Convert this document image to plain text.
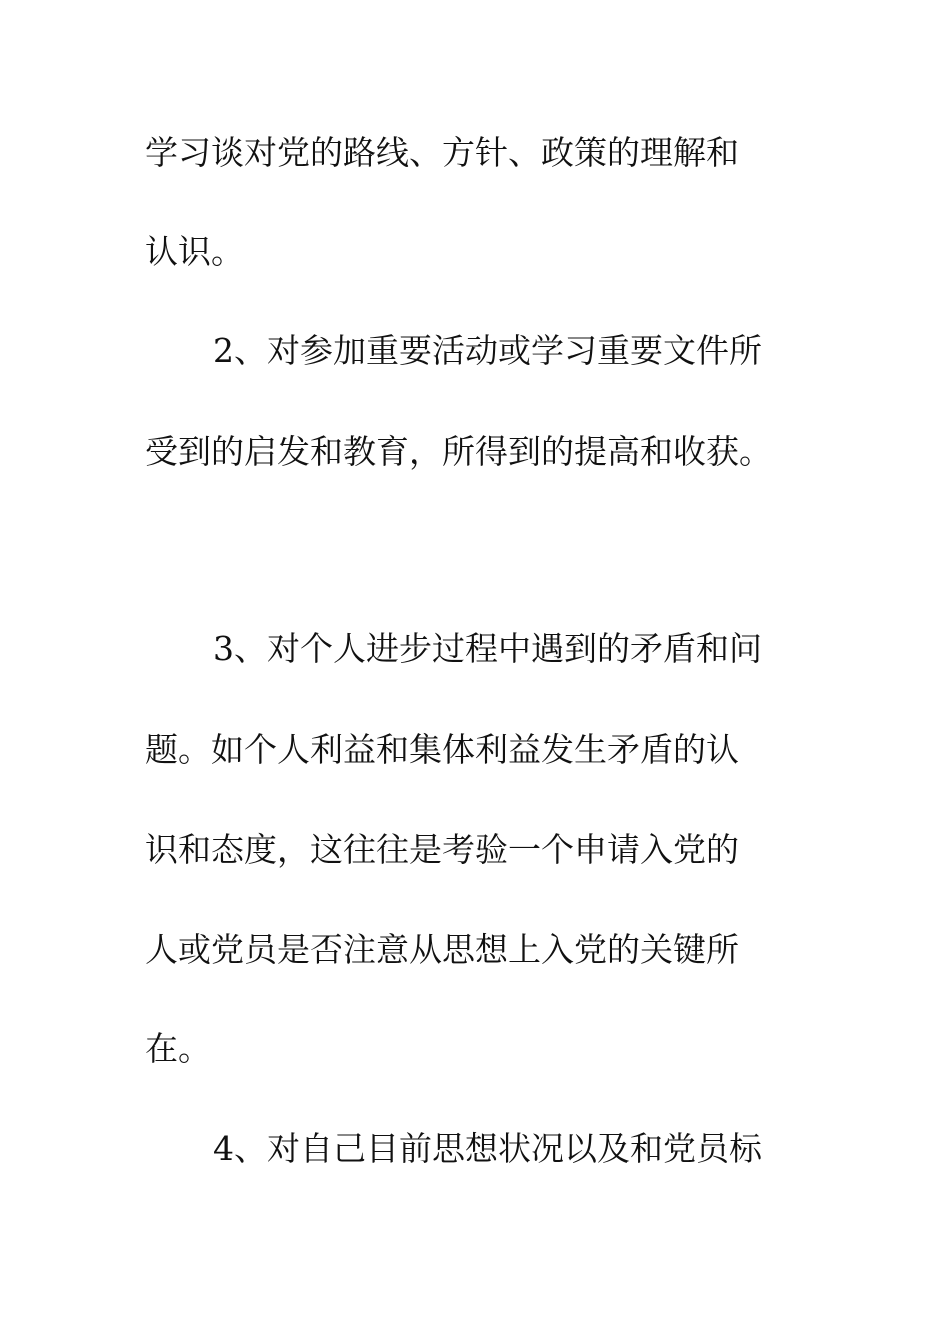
学习谈对党的路线、方针、政策的理解和
认识。
2、对参加重要活动或学习重要文件所
受到的启发和教育，所得到的提高和收获。
3、对个人进步过程中遇到的矛盾和问
题。如个人利益和集体利益发生矛盾的认
识和态度，这往往是考验一个申请入党的
人或党员是否注意从思想上入党的关键所
在。
4、对自己目前思想状况以及和党员标
